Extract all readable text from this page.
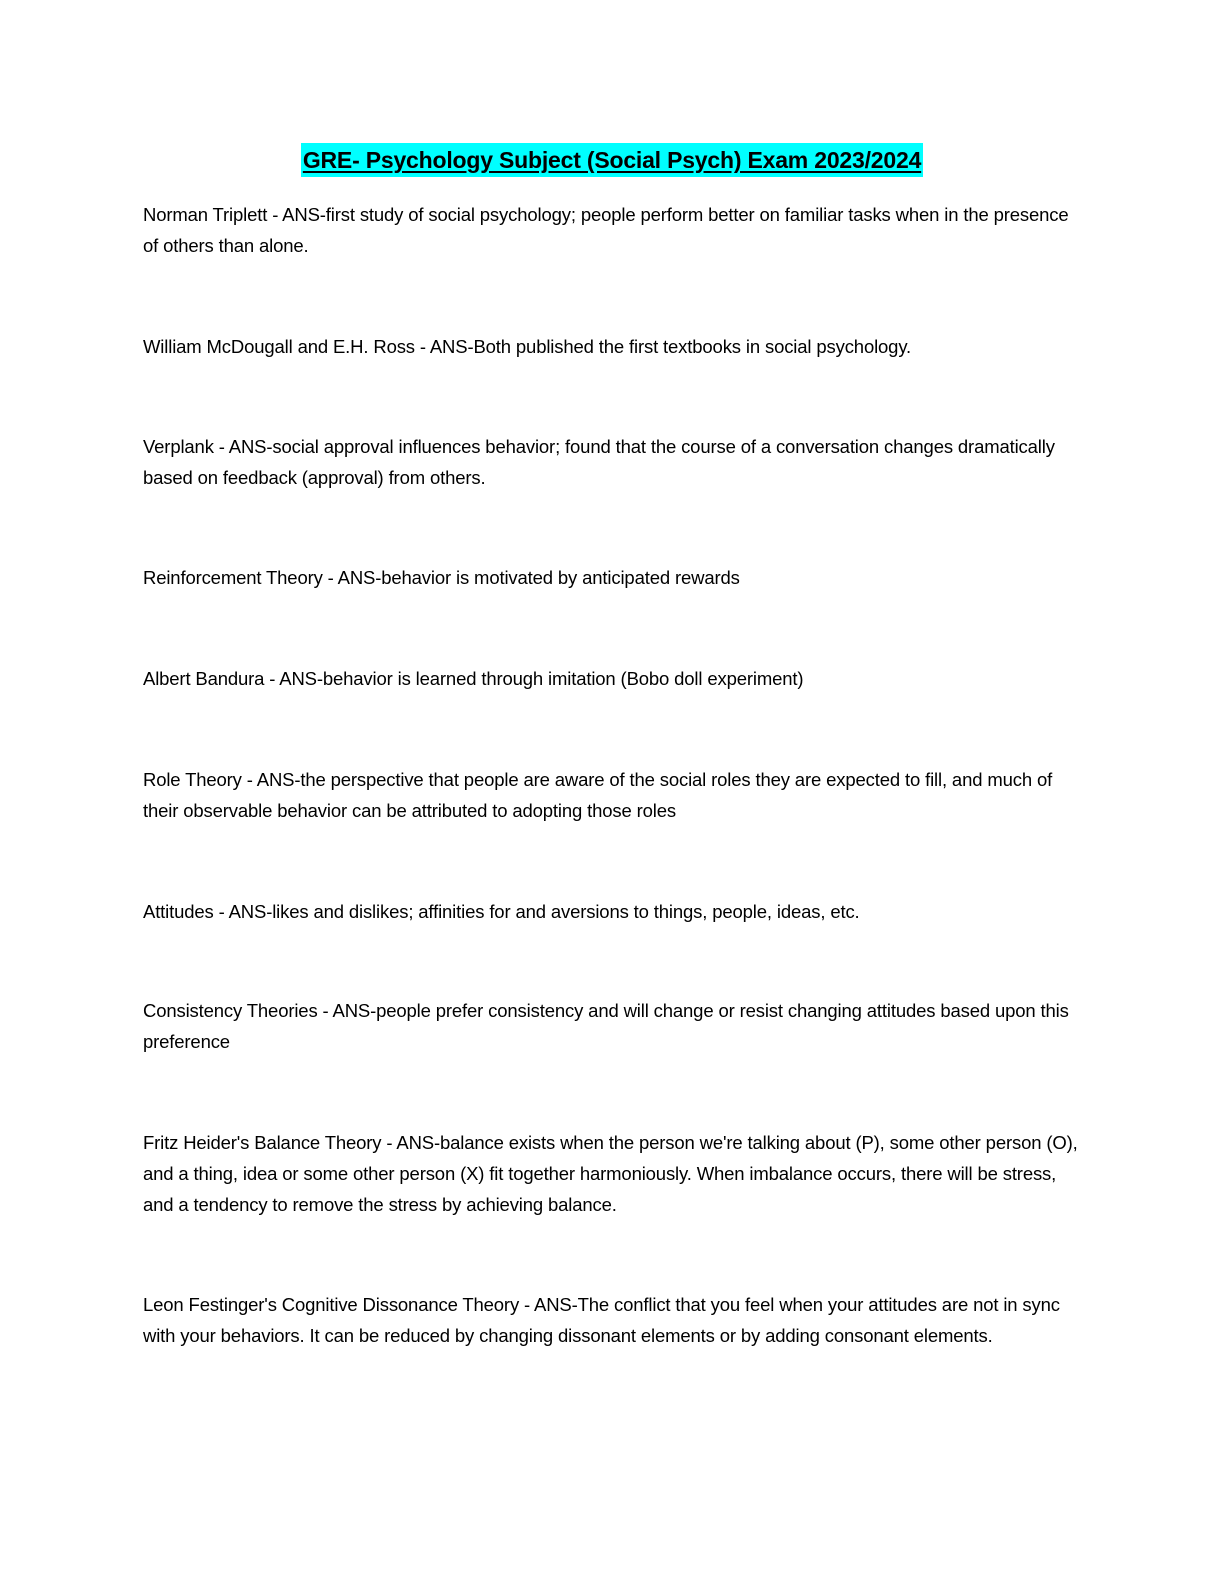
GRE- Psychology Subject (Social Psych) Exam 2023/2024
Norman Triplett - ANS-first study of social psychology; people perform better on familiar tasks when in the presence of others than alone.
William McDougall and E.H. Ross - ANS-Both published the first textbooks in social psychology.
Verplank - ANS-social approval influences behavior; found that the course of a conversation changes dramatically based on feedback (approval) from others.
Reinforcement Theory - ANS-behavior is motivated by anticipated rewards
Albert Bandura - ANS-behavior is learned through imitation (Bobo doll experiment)
Role Theory - ANS-the perspective that people are aware of the social roles they are expected to fill, and much of their observable behavior can be attributed to adopting those roles
Attitudes - ANS-likes and dislikes; affinities for and aversions to things, people, ideas, etc.
Consistency Theories - ANS-people prefer consistency and will change or resist changing attitudes based upon this preference
Fritz Heider's Balance Theory - ANS-balance exists when the person we're talking about (P), some other person (O), and a thing, idea or some other person (X) fit together harmoniously. When imbalance occurs, there will be stress, and a tendency to remove the stress by achieving balance.
Leon Festinger's Cognitive Dissonance Theory - ANS-The conflict that you feel when your attitudes are not in sync with your behaviors. It can be reduced by changing dissonant elements or by adding consonant elements.
